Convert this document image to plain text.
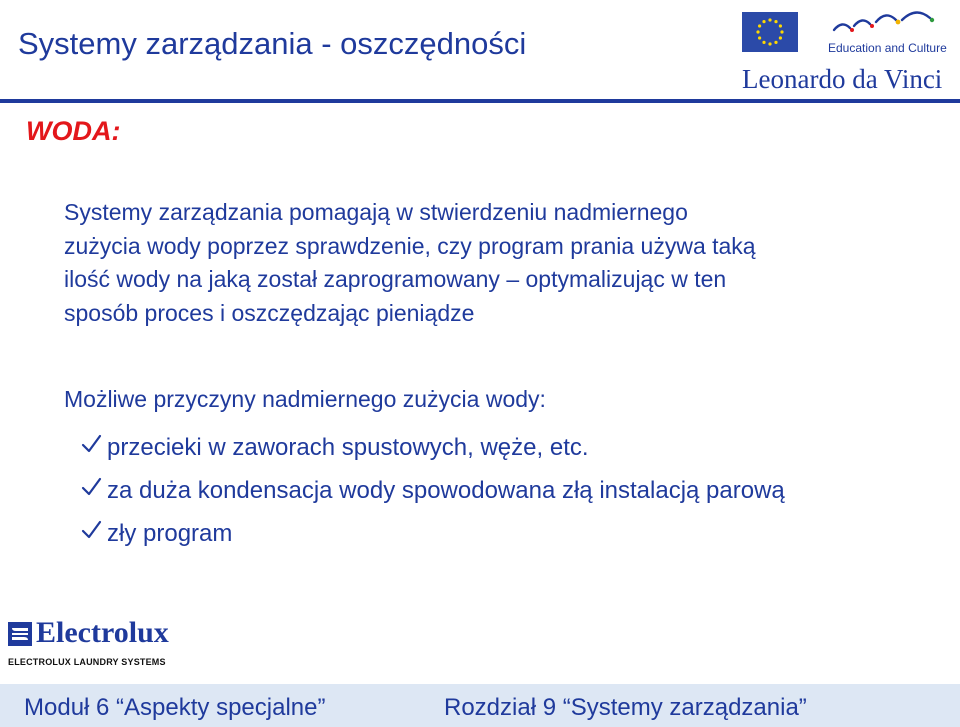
Systemy zarządzania - oszczędności	Education and Culture
Leonardo da Vinci
WODA:
Systemy zarządzania pomagają w stwierdzeniu nadmiernego
zużycia wody poprzez sprawdzenie, czy program prania używa taką
ilość wody na jaką został zaprogramowany – optymalizując w ten
sposób proces i oszczędzając pieniądze
Możliwe przyczyny nadmiernego zużycia wody:
przecieki w zaworach spustowych, węże, etc.
za duża kondensacja wody spowodowana złą instalacją parową
zły program
Electrolux
ELECTROLUX LAUNDRY SYSTEMS
Moduł 6 “Aspekty specjalne”	Rozdział 9 “Systemy zarządzania”
